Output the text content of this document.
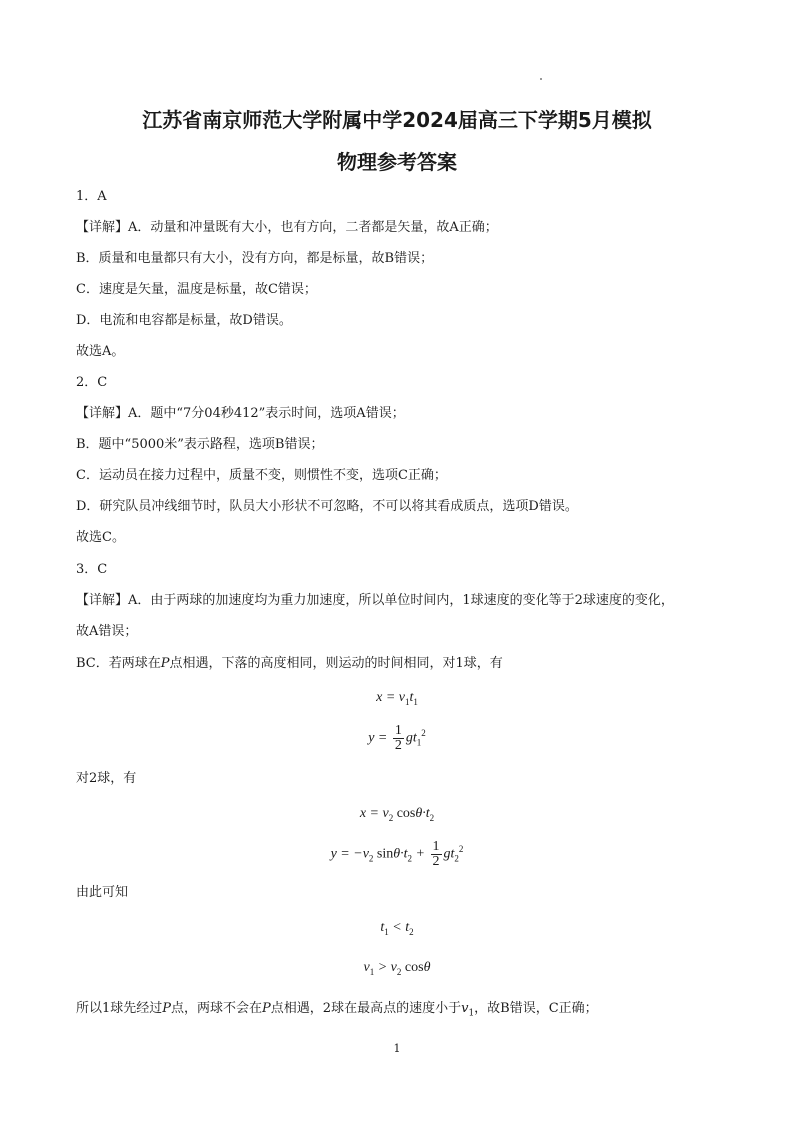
江苏省南京师范大学附属中学2024届高三下学期5月模拟
物理参考答案
1．A
【详解】A．动量和冲量既有大小，也有方向，二者都是矢量，故A正确；
B．质量和电量都只有大小，没有方向，都是标量，故B错误；
C．速度是矢量，温度是标量，故C错误；
D．电流和电容都是标量，故D错误。
故选A。
2．C
【详解】A．题中“7分04秒412”表示时间，选项A错误；
B．题中“5000米”表示路程，选项B错误；
C．运动员在接力过程中，质量不变，则惯性不变，选项C正确；
D．研究队员冲线细节时，队员大小形状不可忽略，不可以将其看成质点，选项D错误。
故选C。
3．C
【详解】A．由于两球的加速度均为重力加速度，所以单位时间内，1球速度的变化等于2球速度的变化，
故A错误；
BC．若两球在P点相遇，下落的高度相同，则运动的时间相同，对1球，有
$x = v_1t_1$
$y = \frac{1}{2} gt_1^2$
对2球，有
$x = v_2$ $\cos\theta\cdot t_2$
$y = -v_2$ $\sin\theta\cdot t_2 + \frac{1}{2} gt_2^2$
由此可知
$t_1 < t_2$
$v_1 > v_2$ cosθ
所以1球先经过P点，两球不会在P点相遇，2球在最高点的速度小于$v_1$，故B错误，C正确；
1
